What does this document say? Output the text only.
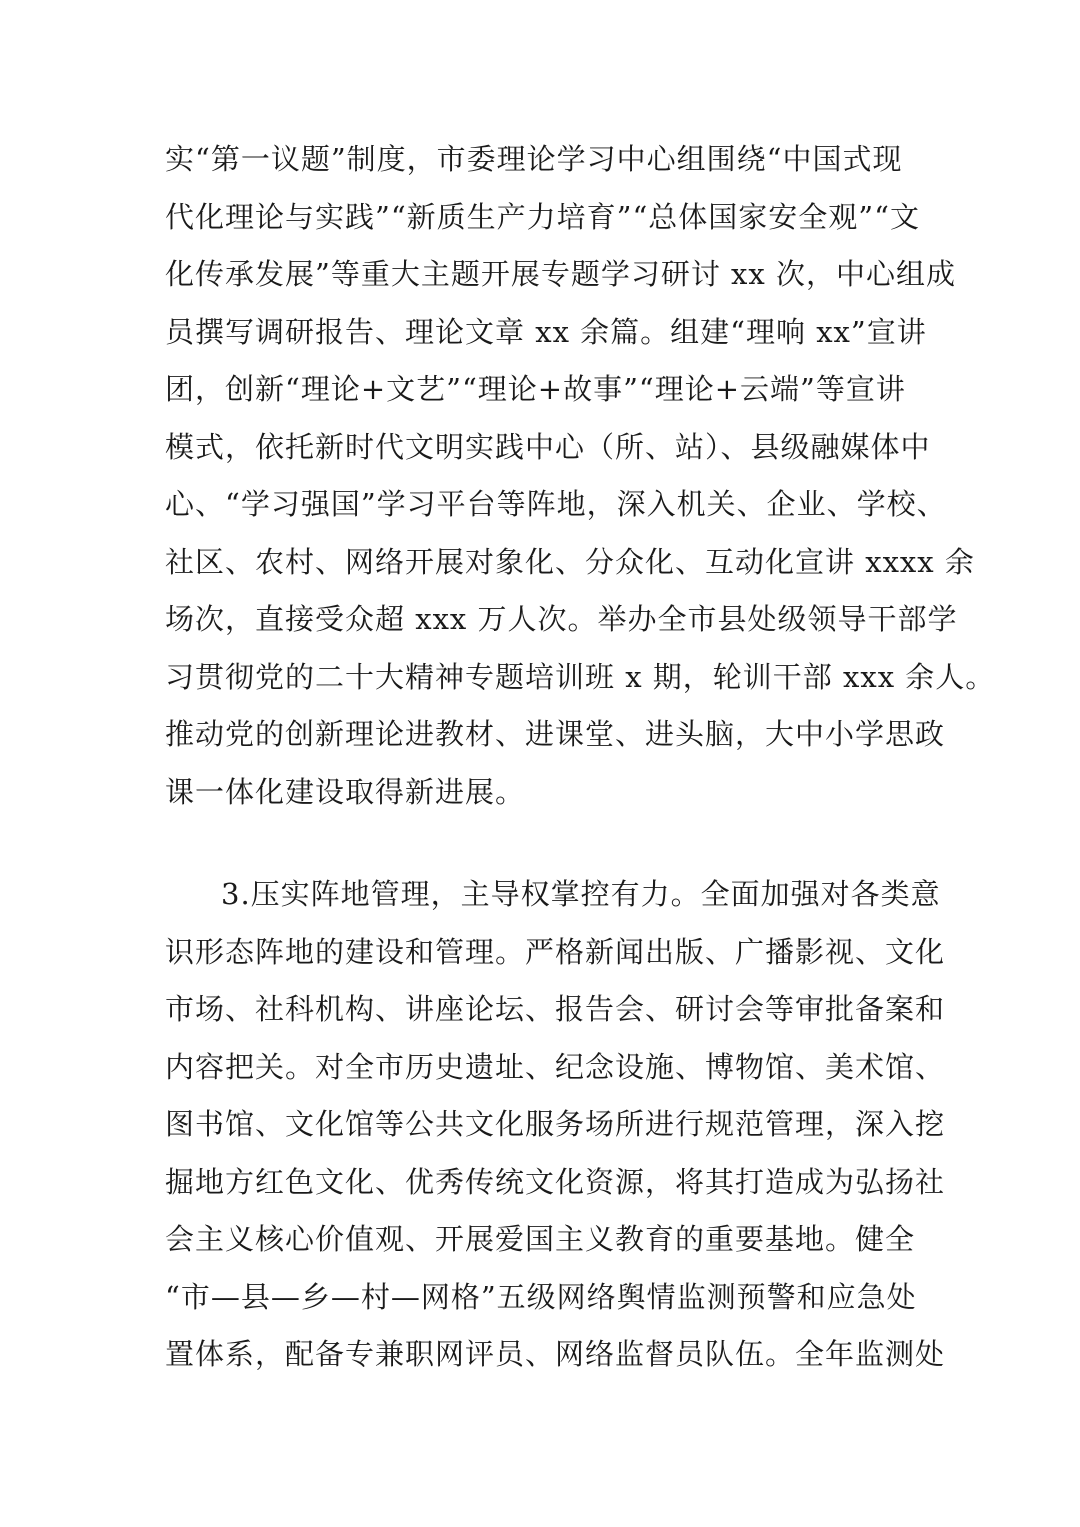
实“第一议题”制度，市委理论学习中心组围绕“中国式现
代化理论与实践”“新质生产力培育”“总体国家安全观”“文
化传承发展”等重大主题开展专题学习研讨 xx 次，中心组成
员撰写调研报告、理论文章 xx 余篇。组建“理响 xx”宣讲
团，创新“理论+文艺”“理论+故事”“理论+云端”等宣讲
模式，依托新时代文明实践中心（所、站）、县级融媒体中
心、“学习强国”学习平台等阵地，深入机关、企业、学校、
社区、农村、网络开展对象化、分众化、互动化宣讲 xxxx 余
场次，直接受众超 xxx 万人次。举办全市县处级领导干部学
习贯彻党的二十大精神专题培训班 x 期，轮训干部 xxx 余人。
推动党的创新理论进教材、进课堂、进头脑，大中小学思政
课一体化建设取得新进展。
3.压实阵地管理，主导权掌控有力。全面加强对各类意
识形态阵地的建设和管理。严格新闻出版、广播影视、文化
市场、社科机构、讲座论坛、报告会、研讨会等审批备案和
内容把关。对全市历史遗址、纪念设施、博物馆、美术馆、
图书馆、文化馆等公共文化服务场所进行规范管理，深入挖
掘地方红色文化、优秀传统文化资源，将其打造成为弘扬社
会主义核心价值观、开展爱国主义教育的重要基地。健全
“市—县—乡—村—网格”五级网络舆情监测预警和应急处
置体系，配备专兼职网评员、网络监督员队伍。全年监测处
